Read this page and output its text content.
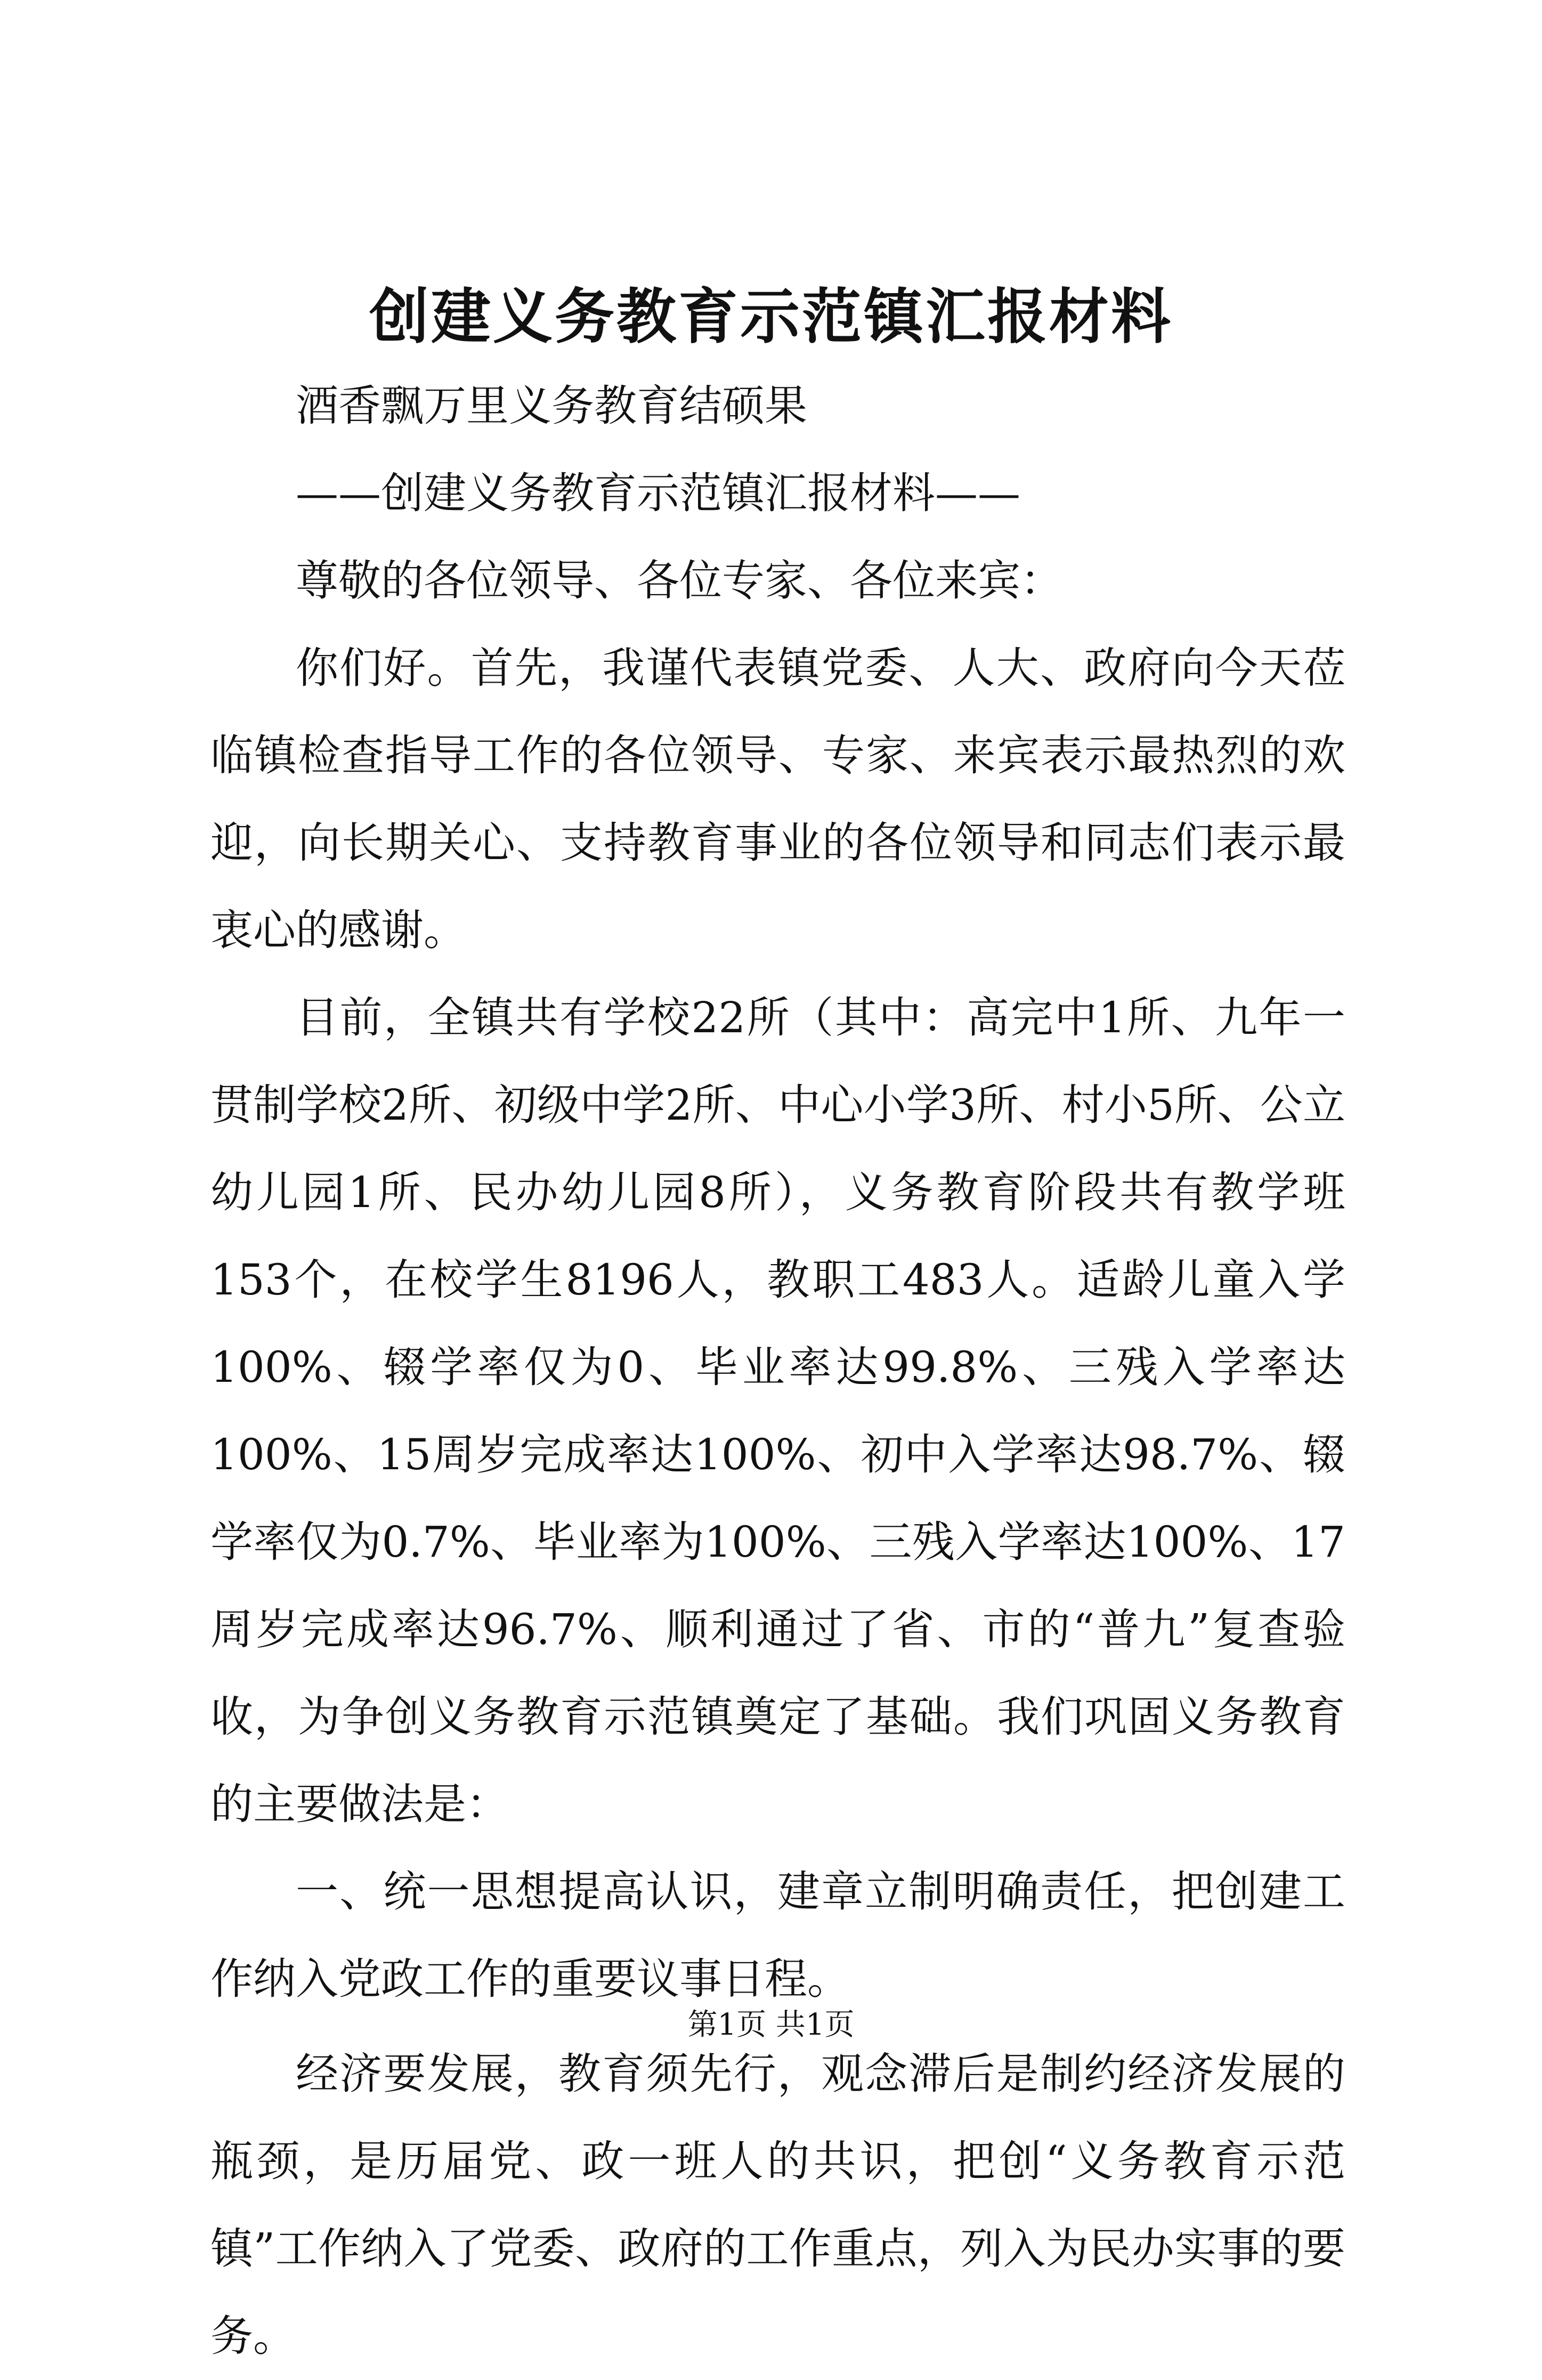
创建义务教育示范镇汇报材料

酒香飘万里义务教育结硕果

——创建义务教育示范镇汇报材料——

尊敬的各位领导、各位专家、各位来宾：

你们好。首先，我谨代表镇党委、人大、政府向今天莅临镇检查指导工作的各位领导、专家、来宾表示最热烈的欢迎，向长期关心、支持教育事业的各位领导和同志们表示最衷心的感谢。

目前，全镇共有学校22所（其中：高完中1所、九年一贯制学校2所、初级中学2所、中心小学3所、村小5所、公立幼儿园1所、民办幼儿园8所），义务教育阶段共有教学班153个，在校学生8196人，教职工483人。适龄儿童入学100%、辍学率仅为0、毕业率达99.8%、三残入学率达100%、15周岁完成率达100%、初中入学率达98.7%、辍学率仅为0.7%、毕业率为100%、三残入学率达100%、17周岁完成率达96.7%、顺利通过了省、市的“普九”复查验收，为争创义务教育示范镇奠定了基础。我们巩固义务教育的主要做法是：

一、统一思想提高认识，建章立制明确责任，把创建工作纳入党政工作的重要议事日程。

经济要发展，教育须先行，观念滞后是制约经济发展的瓶颈，是历届党、政一班人的共识，把创“义务教育示范镇”工作纳入了党委、政府的工作重点，列入为民办实事的要务。

第1页 共1页
